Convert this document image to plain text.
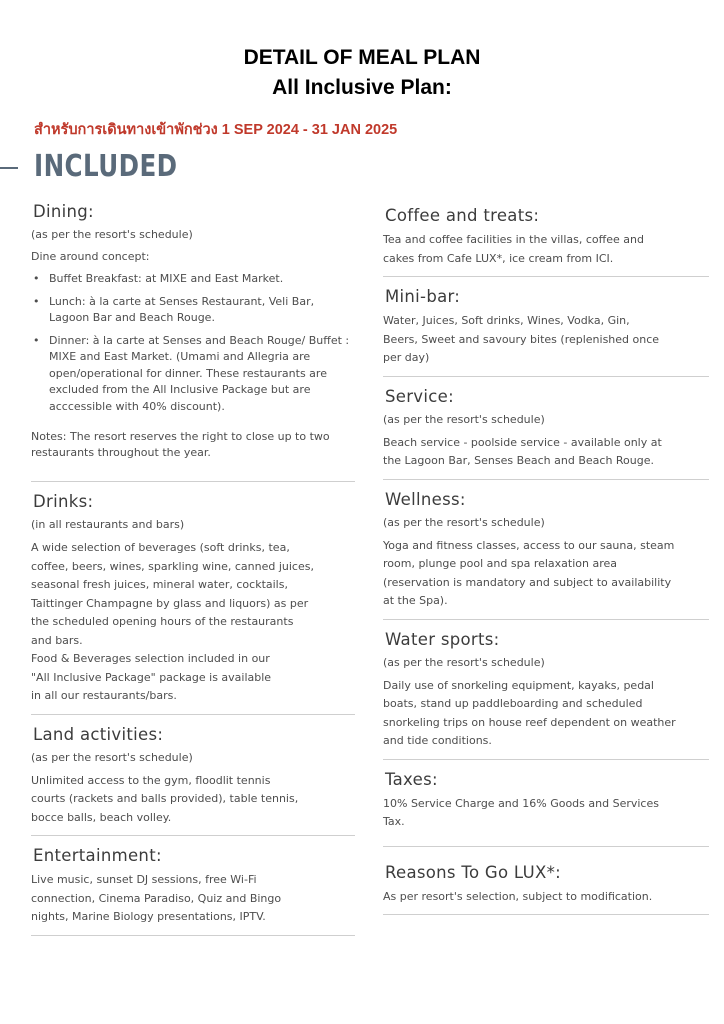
DETAIL OF MEAL PLAN
All Inclusive Plan:

สำหรับการเดินทางเข้าพักช่วง 1 SEP 2024 - 31 JAN 2025

INCLUDED
Dining:

(as per the resort's schedule)

Dine around concept:

• Buffet Breakfast: at MIXE and East Market.
• Lunch: à la carte at Senses Restaurant, Veli Bar, Lagoon Bar and Beach Rouge.
• Dinner: à la carte at Senses and Beach Rouge/ Buffet : MIXE and East Market. (Umami and Allegria are open/operational for dinner. These restaurants are excluded from the All Inclusive Package but are acccessible with 40% discount).

Notes: The resort reserves the right to close up to two restaurants throughout the year.

Drinks:

(in all restaurants and bars)

A wide selection of beverages (soft drinks, tea,
coffee, beers, wines, sparkling wine, canned juices,
seasonal fresh juices, mineral water, cocktails,
Taittinger Champagne by glass and liquors) as per
the scheduled opening hours of the restaurants
and bars.
Food & Beverages selection included in our
"All Inclusive Package" package is available
in all our restaurants/bars.

Land activities:

(as per the resort's schedule)

Unlimited access to the gym, floodlit tennis
courts (rackets and balls provided), table tennis,
bocce balls, beach volley.

Entertainment:

Live music, sunset DJ sessions, free Wi-Fi
connection, Cinema Paradiso, Quiz and Bingo
nights, Marine Biology presentations, IPTV.

Coffee and treats:

Tea and coffee facilities in the villas, coffee and
cakes from Cafe LUX*, ice cream from ICI.

Mini-bar:

Water, Juices, Soft drinks, Wines, Vodka, Gin,
Beers, Sweet and savoury bites (replenished once
per day)

Service:

(as per the resort's schedule)

Beach service - poolside service - available only at
the Lagoon Bar, Senses Beach and Beach Rouge.

Wellness:

(as per the resort's schedule)

Yoga and fitness classes, access to our sauna, steam
room, plunge pool and spa relaxation area
(reservation is mandatory and subject to availability
at the Spa).

Water sports:

(as per the resort's schedule)

Daily use of snorkeling equipment, kayaks, pedal
boats, stand up paddleboarding and scheduled
snorkeling trips on house reef dependent on weather
and tide conditions.

Taxes:

10% Service Charge and 16% Goods and Services
Tax.

Reasons To Go LUX*:

As per resort's selection, subject to modification.
